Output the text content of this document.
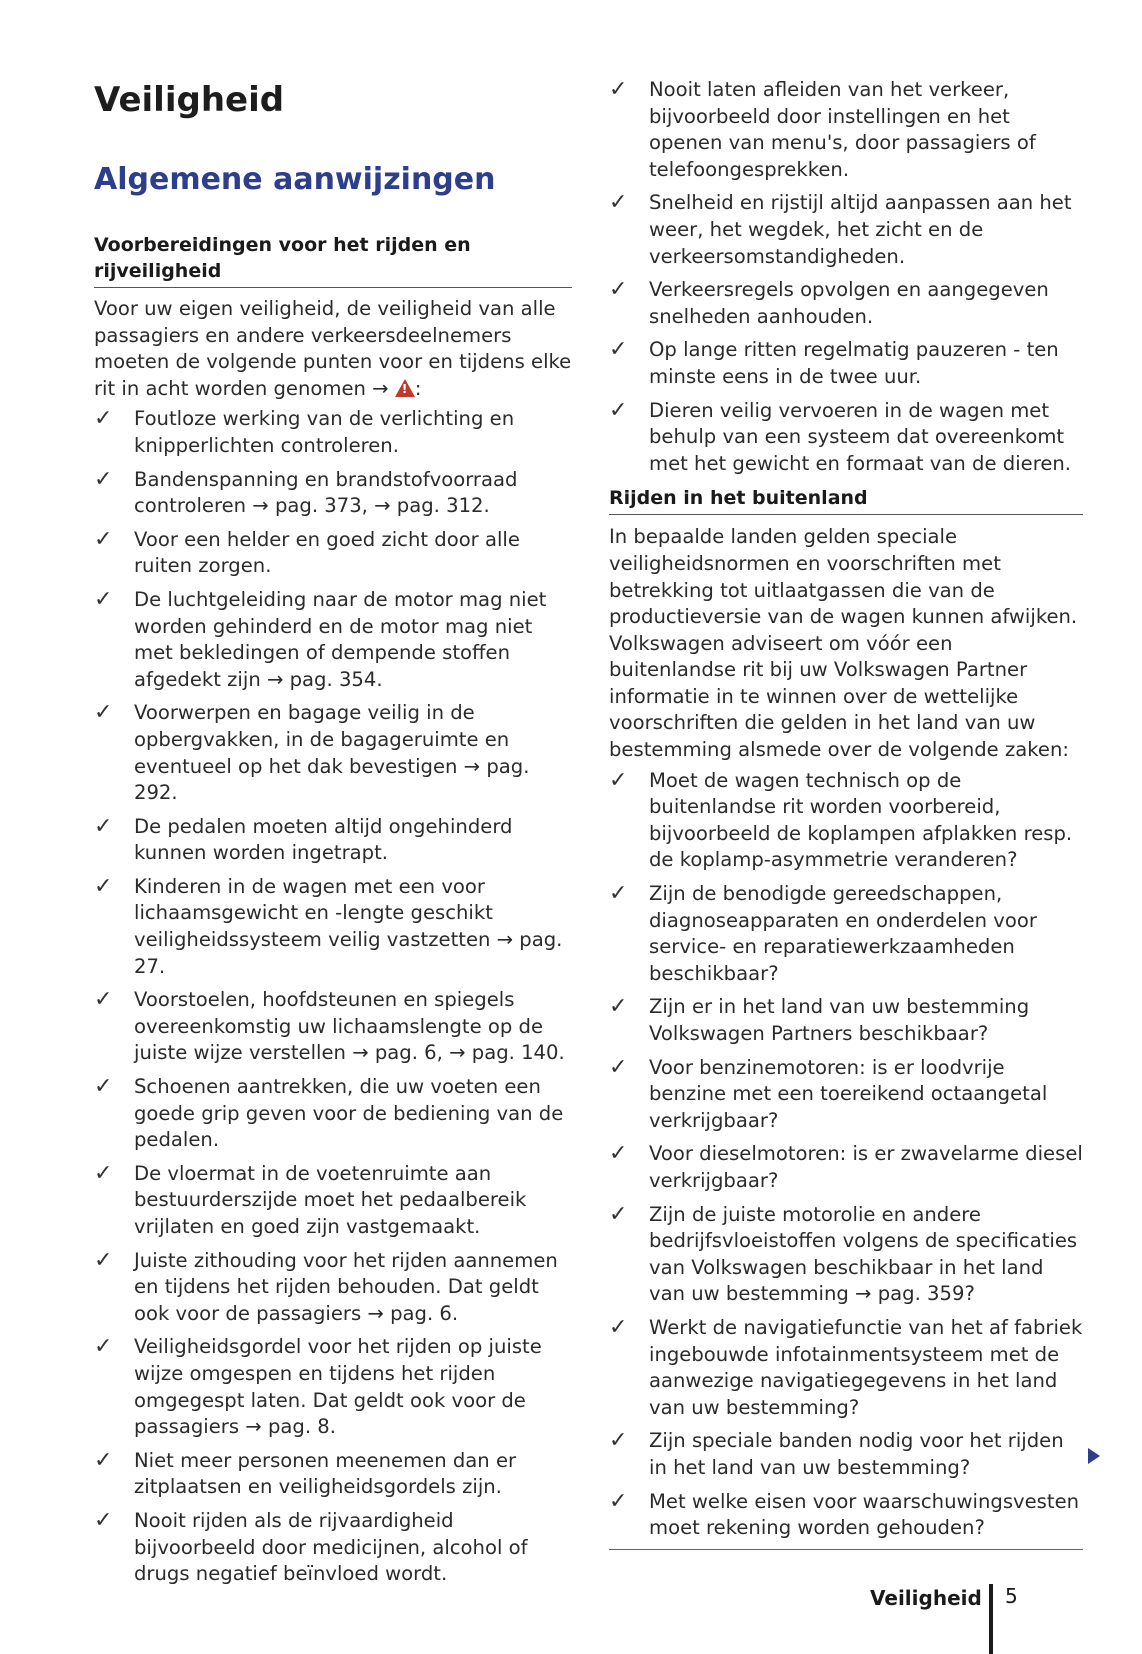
Veiligheid
Algemene aanwijzingen
Voorbereidingen voor het rijden en rijveiligheid

Voor uw eigen veiligheid, de veiligheid van alle passagiers en andere verkeersdeelnemers moeten de volgende punten voor en tijdens elke rit in acht worden genomen → ! :

✓ Foutloze werking van de verlichting en knipperlichten controleren.
✓ Bandenspanning en brandstofvoorraad controleren → pag. 373, → pag. 312.
✓ Voor een helder en goed zicht door alle ruiten zorgen.
✓ De luchtgeleiding naar de motor mag niet worden gehinderd en de motor mag niet met bekledingen of dempende stoffen afgedekt zijn → pag. 354.
✓ Voorwerpen en bagage veilig in de opbergvakken, in de bagageruimte en eventueel op het dak bevestigen → pag. 292.
✓ De pedalen moeten altijd ongehinderd kunnen worden ingetrapt.
✓ Kinderen in de wagen met een voor lichaamsgewicht en -lengte geschikt veiligheidssysteem veilig vastzetten → pag. 27.
✓ Voorstoelen, hoofdsteunen en spiegels overeenkomstig uw lichaamslengte op de juiste wijze verstellen → pag. 6, → pag. 140.
✓ Schoenen aantrekken, die uw voeten een goede grip geven voor de bediening van de pedalen.
✓ De vloermat in de voetenruimte aan bestuurderszijde moet het pedaalbereik vrijlaten en goed zijn vastgemaakt.
✓ Juiste zithouding voor het rijden aannemen en tijdens het rijden behouden. Dat geldt ook voor de passagiers → pag. 6.
✓ Veiligheidsgordel voor het rijden op juiste wijze omgespen en tijdens het rijden omgegespt laten. Dat geldt ook voor de passagiers → pag. 8.
✓ Niet meer personen meenemen dan er zitplaatsen en veiligheidsgordels zijn.
✓ Nooit rijden als de rijvaardigheid bijvoorbeeld door medicijnen, alcohol of drugs negatief beïnvloed wordt.
✓ Nooit laten afleiden van het verkeer, bijvoorbeeld door instellingen en het openen van menu's, door passagiers of telefoongesprekken.
✓ Snelheid en rijstijl altijd aanpassen aan het weer, het wegdek, het zicht en de verkeersomstandigheden.
✓ Verkeersregels opvolgen en aangegeven snelheden aanhouden.
✓ Op lange ritten regelmatig pauzeren - ten minste eens in de twee uur.
✓ Dieren veilig vervoeren in de wagen met behulp van een systeem dat overeenkomt met het gewicht en formaat van de dieren.
Rijden in het buitenland

In bepaalde landen gelden speciale veiligheidsnormen en voorschriften met betrekking tot uitlaatgassen die van de productieversie van de wagen kunnen afwijken. Volkswagen adviseert om vóór een buitenlandse rit bij uw Volkswagen Partner informatie in te winnen over de wettelijke voorschriften die gelden in het land van uw bestemming alsmede over de volgende zaken:

✓ Moet de wagen technisch op de buitenlandse rit worden voorbereid, bijvoorbeeld de koplampen afplakken resp. de koplamp-asymmetrie veranderen?
✓ Zijn de benodigde gereedschappen, diagnoseapparaten en onderdelen voor service- en reparatiewerkzaamheden beschikbaar?
✓ Zijn er in het land van uw bestemming Volkswagen Partners beschikbaar?
✓ Voor benzinemotoren: is er loodvrije benzine met een toereikend octaangetal verkrijgbaar?
✓ Voor dieselmotoren: is er zwavelarme diesel verkrijgbaar?
✓ Zijn de juiste motorolie en andere bedrijfsvloeistoffen volgens de specificaties van Volkswagen beschikbaar in het land van uw bestemming → pag. 359?
✓ Werkt de navigatiefunctie van het af fabriek ingebouwde infotainmentsysteem met de aanwezige navigatiegegevens in het land van uw bestemming?
✓ Zijn speciale banden nodig voor het rijden in het land van uw bestemming?
✓ Met welke eisen voor waarschuwingsvesten moet rekening worden gehouden?
Veiligheid 5
